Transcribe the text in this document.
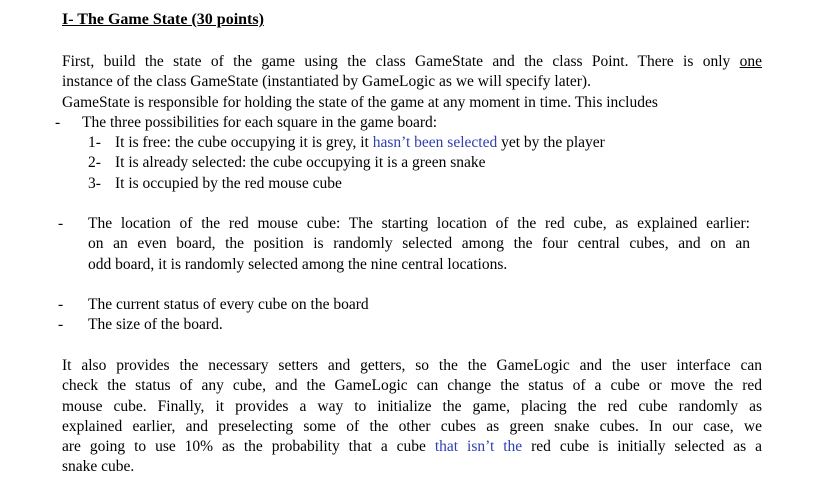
I- The Game State (30 points)
First, build the state of the game using the class GameState and the class Point. There is only one
instance of the class GameState (instantiated by GameLogic as we will specify later).
GameState is responsible for holding the state of the game at any moment in time. This includes
- The three possibilities for each square in the game board:
1- It is free: the cube occupying it is grey, it hasn’t been selected yet by the player
2- It is already selected: the cube occupying it is a green snake
3- It is occupied by the red mouse cube
- The location of the red mouse cube: The starting location of the red cube, as explained earlier:
on an even board, the position is randomly selected among the four central cubes, and on an
odd board, it is randomly selected among the nine central locations.
- The current status of every cube on the board
- The size of the board.
It also provides the necessary setters and getters, so the the GameLogic and the user interface can
check the status of any cube, and the GameLogic can change the status of a cube or move the red
mouse cube. Finally, it provides a way to initialize the game, placing the red cube randomly as
explained earlier, and preselecting some of the other cubes as green snake cubes. In our case, we
are going to use 10% as the probability that a cube that isn’t the red cube is initially selected as a
snake cube.
